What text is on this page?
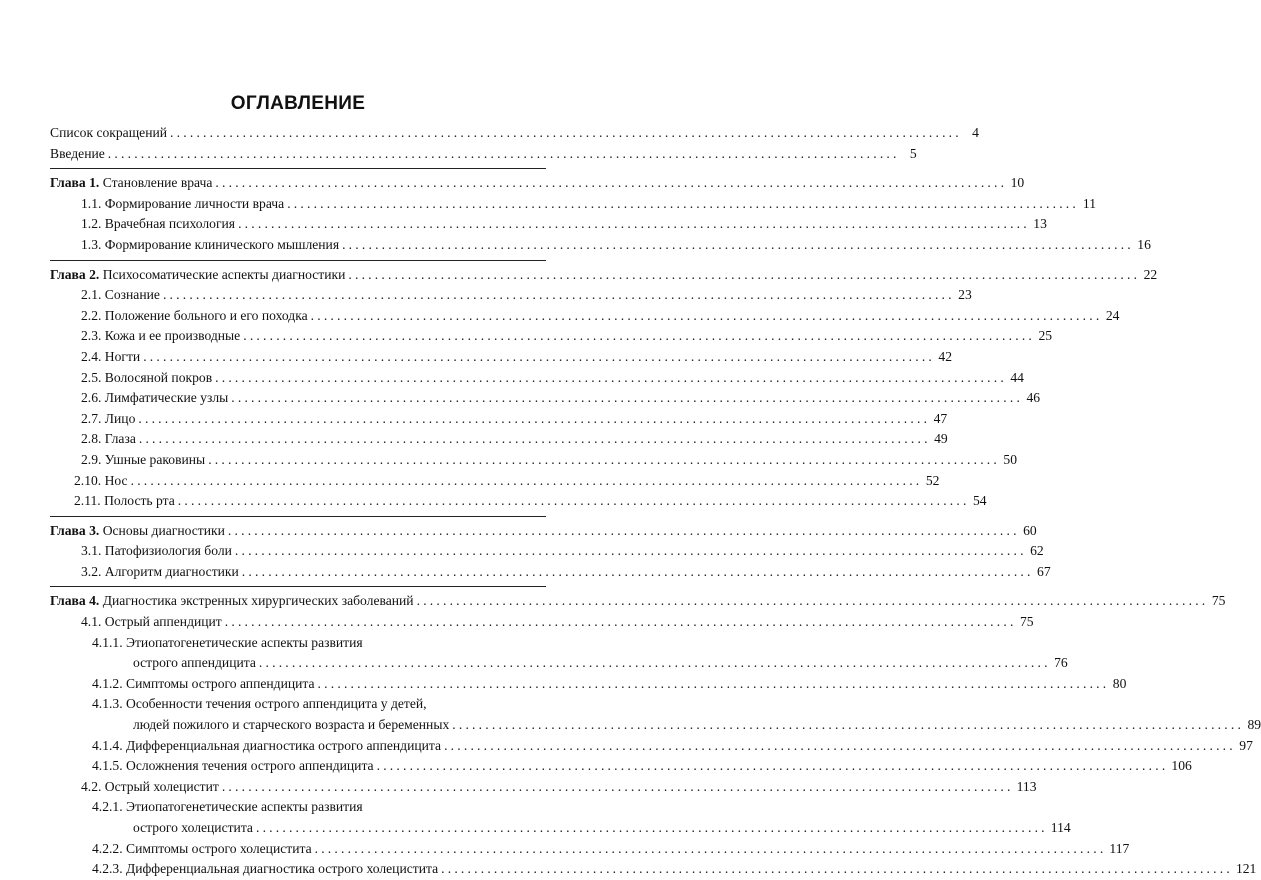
ОГЛАВЛЕНИЕ
Список сокращений ........................................................................................................................ 4
Введение ........................................................................................................................ 5
Глава 1. Становление врача ........................................................................................................................ 10
1.1. Формирование личности врача ........................................................................................................................ 11
1.2. Врачебная психология ........................................................................................................................ 13
1.3. Формирование клинического мышления ........................................................................................................................ 16
Глава 2. Психосоматические аспекты диагностики ........................................................................................................................ 22
2.1. Сознание ........................................................................................................................ 23
2.2. Положение больного и его походка ........................................................................................................................ 24
2.3. Кожа и ее производные ........................................................................................................................ 25
2.4. Ногти ........................................................................................................................ 42
2.5. Волосяной покров ........................................................................................................................ 44
2.6. Лимфатические узлы ........................................................................................................................ 46
2.7. Лицо ........................................................................................................................ 47
2.8. Глаза ........................................................................................................................ 49
2.9. Ушные раковины ........................................................................................................................ 50
2.10. Нос ........................................................................................................................ 52
2.11. Полость рта ........................................................................................................................ 54
Глава 3. Основы диагностики ........................................................................................................................ 60
3.1. Патофизиология боли ........................................................................................................................ 62
3.2. Алгоритм диагностики ........................................................................................................................ 67
Глава 4. Диагностика экстренных хирургических заболеваний ........................................................................................................................ 75
4.1. Острый аппендицит ........................................................................................................................ 75
4.1.1. Этиопатогенетические аспекты развития
острого аппендицита ........................................................................................................................ 76
4.1.2. Симптомы острого аппендицита ........................................................................................................................ 80
4.1.3. Особенности течения острого аппендицита у детей,
людей пожилого и старческого возраста и беременных ........................................................................................................................ 89
4.1.4. Дифференциальная диагностика острого аппендицита ........................................................................................................................ 97
4.1.5. Осложнения течения острого аппендицита ........................................................................................................................ 106
4.2. Острый холецистит ........................................................................................................................ 113
4.2.1. Этиопатогенетические аспекты развития
острого холецистита ........................................................................................................................ 114
4.2.2. Симптомы острого холецистита ........................................................................................................................ 117
4.2.3. Дифференциальная диагностика острого холецистита ........................................................................................................................ 121
